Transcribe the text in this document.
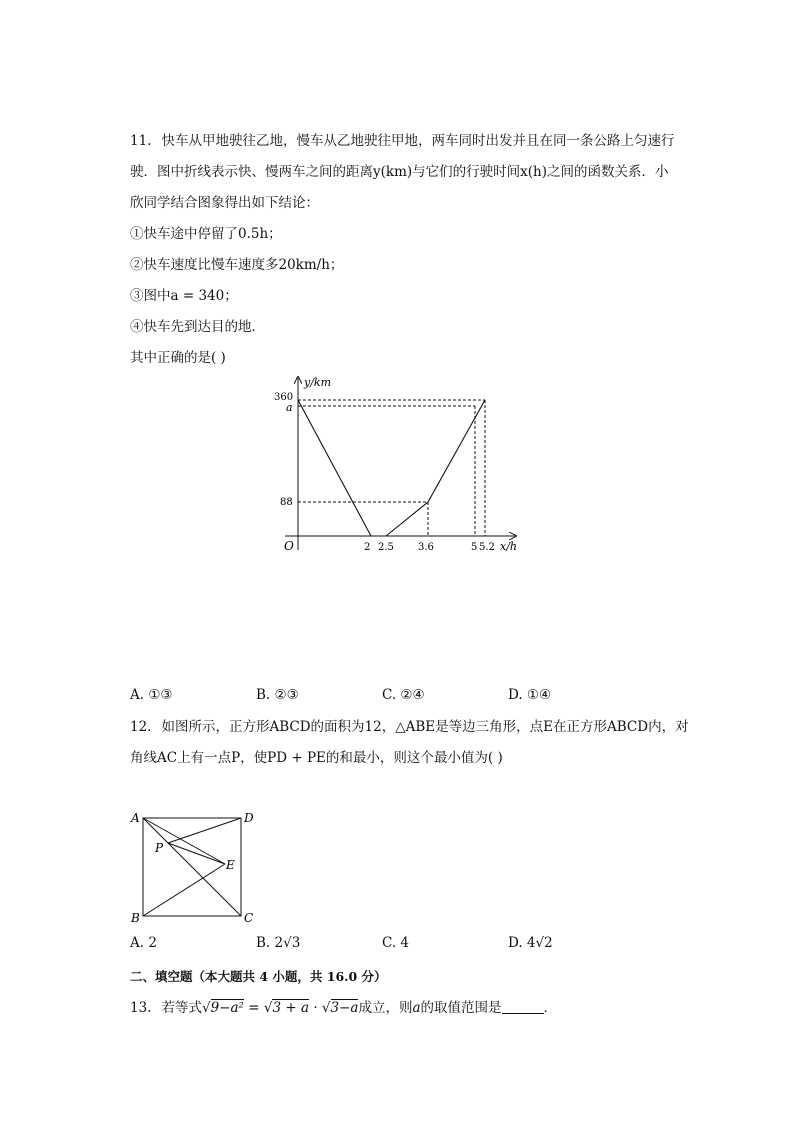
11. 快车从甲地驶往乙地，慢车从乙地驶往甲地，两车同时出发并且在同一条公路上匀速行
驶．图中折线表示快、慢两车之间的距离y(km)与它们的行驶时间x(h)之间的函数关系．小
欣同学结合图象得出如下结论：
①快车途中停留了0.5h；
②快车速度比慢车速度多20km/h；
③图中a = 340；
④快车先到达目的地．
其中正确的是( )
y/km
x/h
O
360
a
88
2 2.5 3.6	5 5.2
A. ①③	B. ②③	C. ②④	D. ①④
12. 如图所示，正方形ABCD的面积为12，△ABE是等边三角形，点E在正方形ABCD内，对
角线AC上有一点P，使PD + PE的和最小，则这个最小值为( )
A	D
B	C
P
E
A. 2	B. 2√3	C. 4	D. 4√2
二、填空题（本大题共 4 小题，共 16.0 分）
13. 若等式√9−a² = √3 + a · √3−a成立，则a的取值范围是	．
